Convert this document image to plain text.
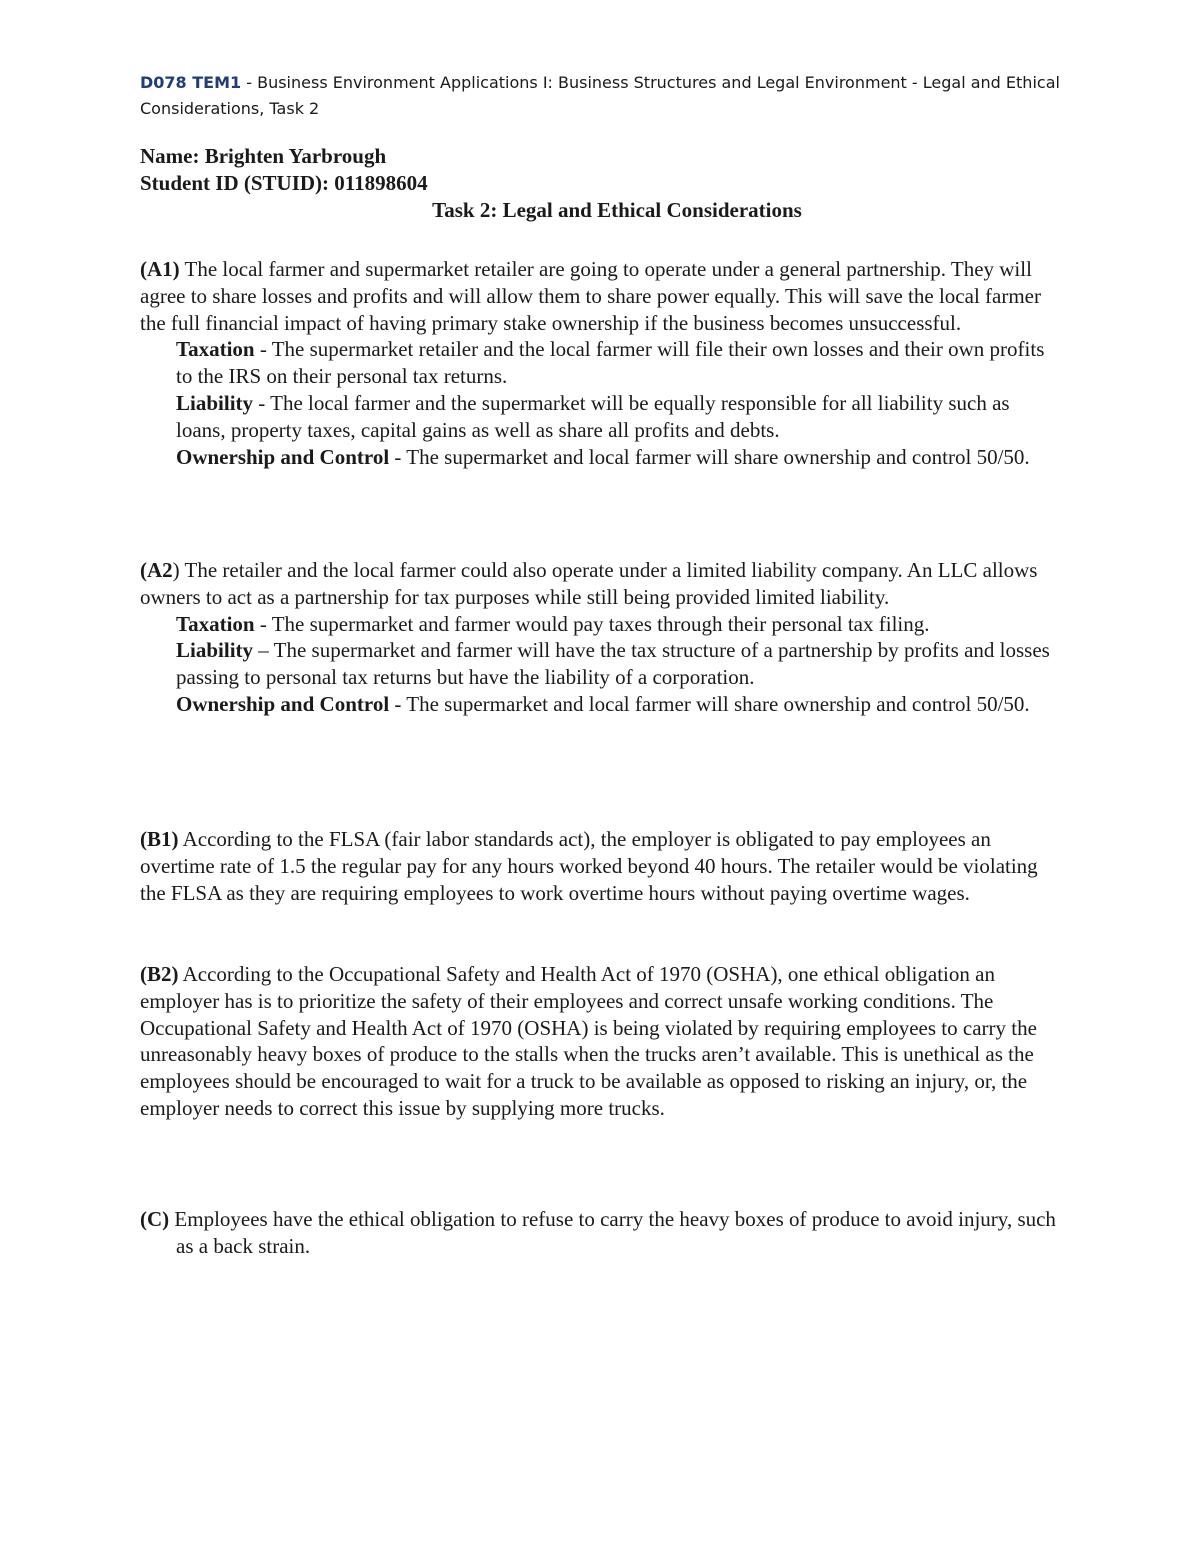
D078 TEM1 - Business Environment Applications I: Business Structures and Legal Environment - Legal and Ethical Considerations, Task 2
Name: Brighten Yarbrough
Student ID (STUID): 011898604
Task 2: Legal and Ethical Considerations
(A1) The local farmer and supermarket retailer are going to operate under a general partnership. They will agree to share losses and profits and will allow them to share power equally. This will save the local farmer the full financial impact of having primary stake ownership if the business becomes unsuccessful.
Taxation - The supermarket retailer and the local farmer will file their own losses and their own profits to the IRS on their personal tax returns.
Liability - The local farmer and the supermarket will be equally responsible for all liability such as loans, property taxes, capital gains as well as share all profits and debts.
Ownership and Control - The supermarket and local farmer will share ownership and control 50/50.
(A2) The retailer and the local farmer could also operate under a limited liability company. An LLC allows owners to act as a partnership for tax purposes while still being provided limited liability.
Taxation - The supermarket and farmer would pay taxes through their personal tax filing.
Liability – The supermarket and farmer will have the tax structure of a partnership by profits and losses passing to personal tax returns but have the liability of a corporation.
Ownership and Control - The supermarket and local farmer will share ownership and control 50/50.
(B1) According to the FLSA (fair labor standards act), the employer is obligated to pay employees an overtime rate of 1.5 the regular pay for any hours worked beyond 40 hours. The retailer would be violating the FLSA as they are requiring employees to work overtime hours without paying overtime wages.
(B2) According to the Occupational Safety and Health Act of 1970 (OSHA), one ethical obligation an employer has is to prioritize the safety of their employees and correct unsafe working conditions. The Occupational Safety and Health Act of 1970 (OSHA) is being violated by requiring employees to carry the unreasonably heavy boxes of produce to the stalls when the trucks aren’t available. This is unethical as the employees should be encouraged to wait for a truck to be available as opposed to risking an injury, or, the employer needs to correct this issue by supplying more trucks.
(C) Employees have the ethical obligation to refuse to carry the heavy boxes of produce to avoid injury, such as a back strain.
